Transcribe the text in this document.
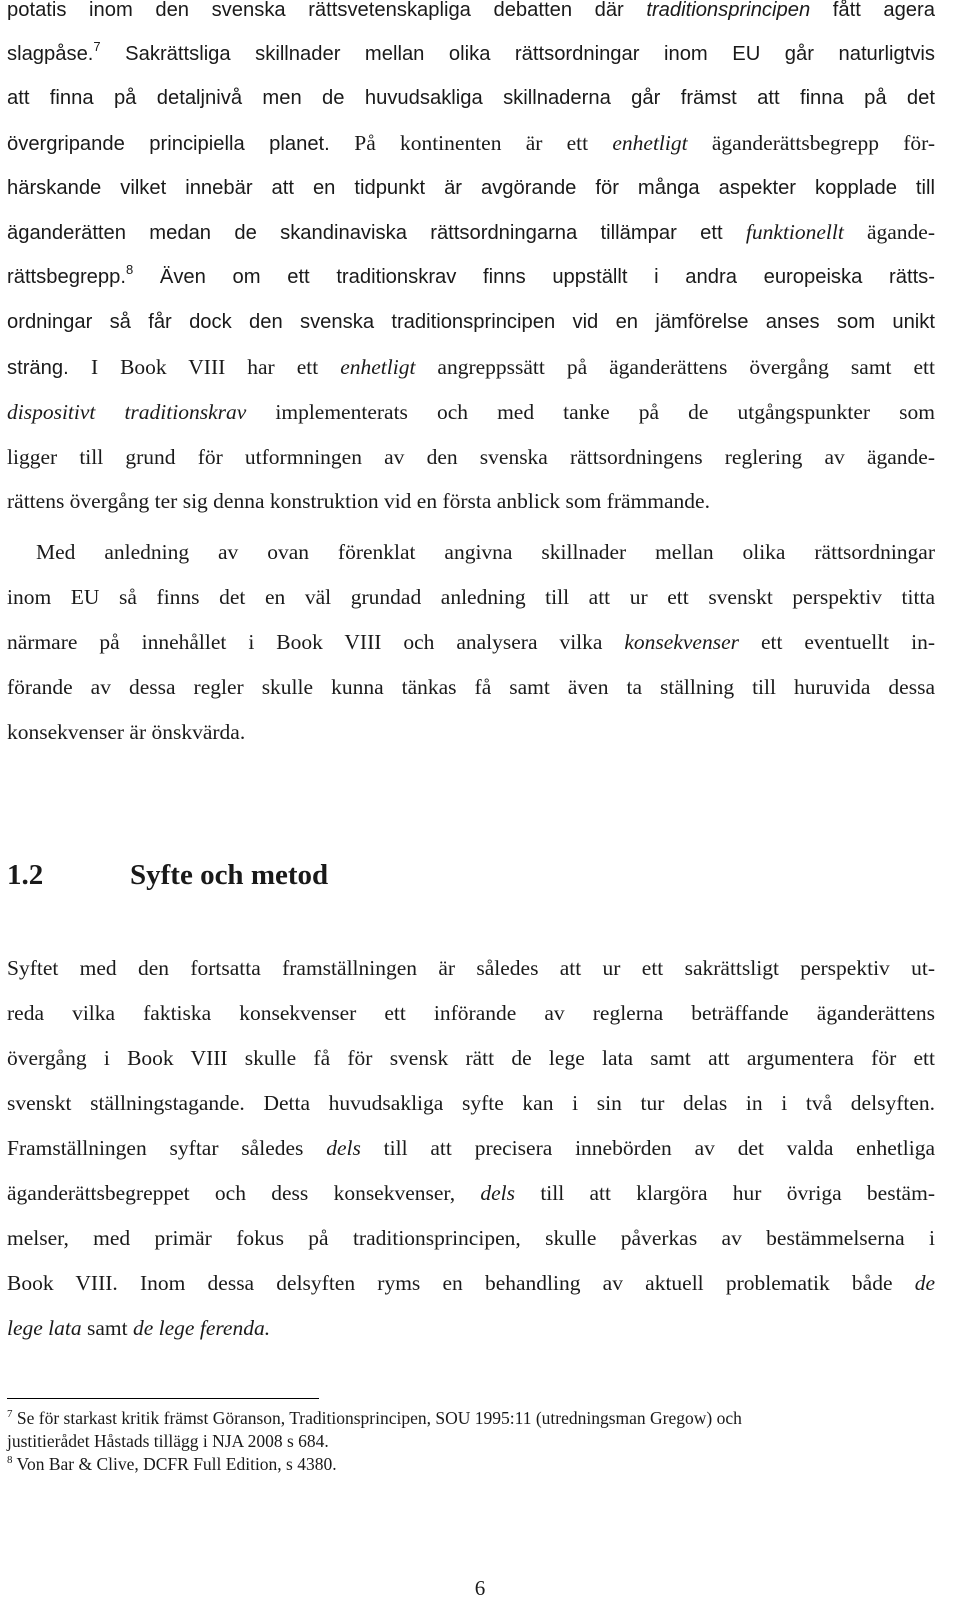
potatis inom den svenska rättsvetenskapliga debatten där traditionsprincipen fått agera

slagpåse.$^7$ Sakrättsliga skillnader mellan olika rättsordningar inom EU går naturligtvis

att finna på detaljnivå men de huvudsakliga skillnaderna går främst att finna på det

övergripande principiella planet. På kontinenten är ett enhetligt äganderättsbegrepp för-

härskande vilket innebär att en tidpunkt är avgörande för många aspekter kopplade till

äganderätten medan de skandinaviska rättsordningarna tillämpar ett funktionellt ägande-

rättsbegrepp.$^8$ Även om ett traditionskrav finns uppställt i andra europeiska rätts-

ordningar så får dock den svenska traditionsprincipen vid en jämförelse anses som unikt

sträng. I Book VIII har ett enhetligt angreppssätt på äganderättens övergång samt ett

dispositivt traditionskrav implementerats och med tanke på de utgångspunkter som

ligger till grund för utformningen av den svenska rättsordningens reglering av ägande-

rättens övergång ter sig denna konstruktion vid en första anblick som främmande.

Med anledning av ovan förenklat angivna skillnader mellan olika rättsordningar

inom EU så finns det en väl grundad anledning till att ur ett svenskt perspektiv titta

närmare på innehållet i Book VIII och analysera vilka konsekvenser ett eventuellt in-

förande av dessa regler skulle kunna tänkas få samt även ta ställning till huruvida dessa

konsekvenser är önskvärda.

1.2	Syfte och metod

Syftet med den fortsatta framställningen är således att ur ett sakrättsligt perspektiv ut-

reda vilka faktiska konsekvenser ett införande av reglerna beträffande äganderättens

övergång i Book VIII skulle få för svensk rätt de lege lata samt att argumentera för ett

svenskt ställningstagande. Detta huvudsakliga syfte kan i sin tur delas in i två delsyften.

Framställningen syftar således dels till att precisera innebörden av det valda enhetliga

äganderättsbegreppet och dess konsekvenser, dels till att klargöra hur övriga bestäm-

melser, med primär fokus på traditionsprincipen, skulle påverkas av bestämmelserna i

Book VIII. Inom dessa delsyften ryms en behandling av aktuell problematik både de

lege lata samt de lege ferenda.

$^7$ Se för starkast kritik främst Göranson, Traditionsprincipen, SOU 1995:11 (utredningsman Gregow) och

justitierådet Håstads tillägg i NJA 2008 s 684.

$^8$ Von Bar & Clive, DCFR Full Edition, s 4380.

6
